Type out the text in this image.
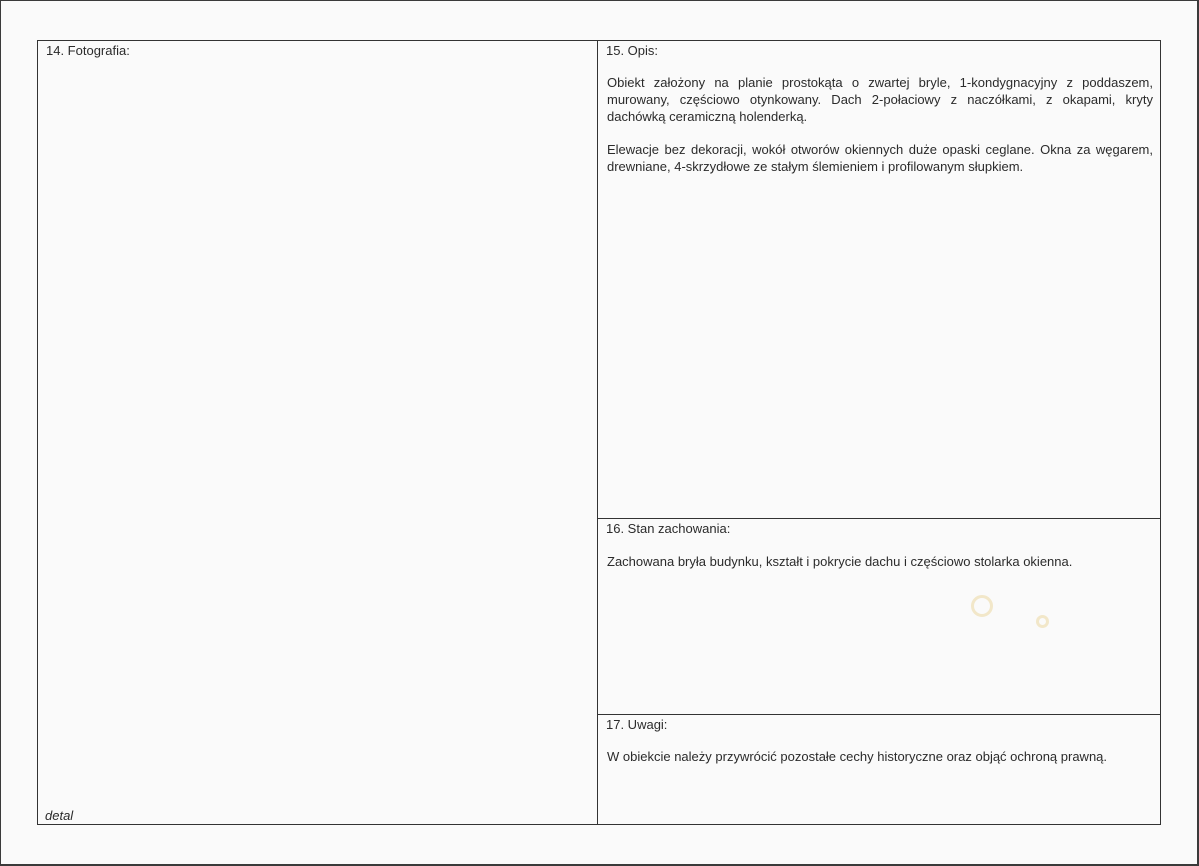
14. Fotografia:
detal
15. Opis:
Obiekt założony na planie prostokąta o zwartej bryle, 1-kondygnacyjny z poddaszem, murowany, częściowo otynkowany. Dach 2-połaciowy z naczółkami, z okapami, kryty dachówką ceramiczną holenderką.
Elewacje bez dekoracji, wokół otworów okiennych duże opaski ceglane. Okna za węgarem, drewniane, 4-skrzydłowe ze stałym ślemieniem i profilowanym słupkiem.
16. Stan zachowania:
Zachowana bryła budynku, kształt i pokrycie dachu i częściowo stolarka okienna.
17. Uwagi:
W obiekcie należy przywrócić pozostałe cechy historyczne oraz objąć ochroną prawną.
